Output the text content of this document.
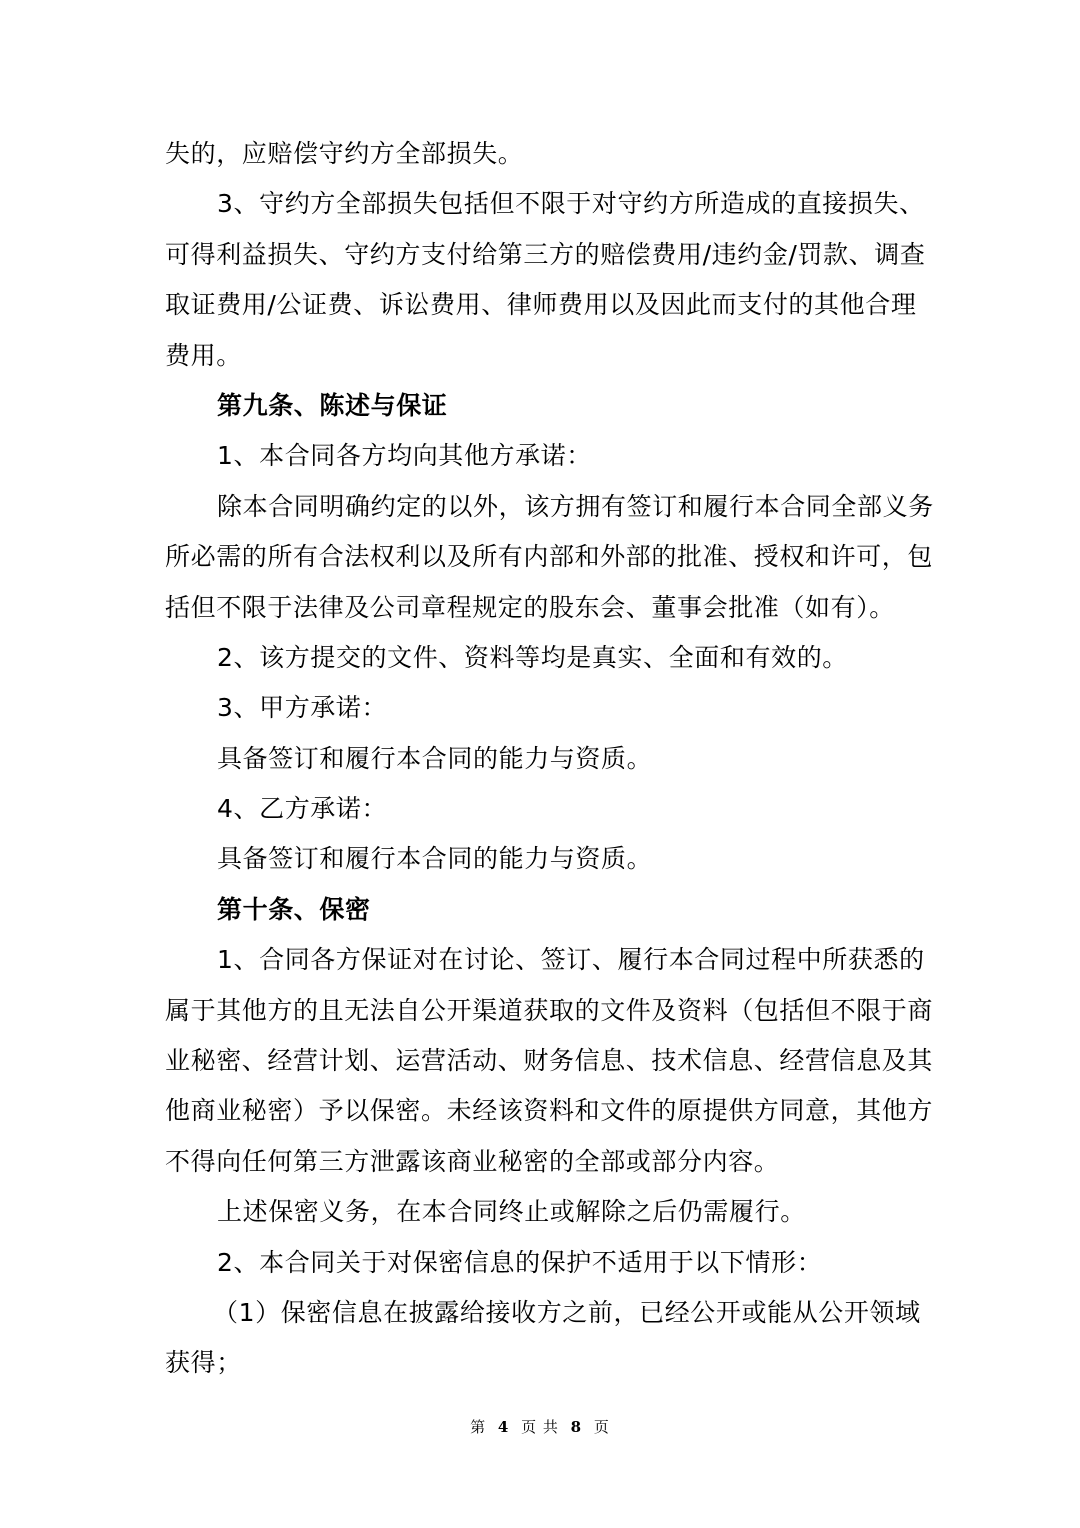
失的，应赔偿守约方全部损失。

3、守约方全部损失包括但不限于对守约方所造成的直接损失、

可得利益损失、守约方支付给第三方的赔偿费用/违约金/罚款、调查

取证费用/公证费、诉讼费用、律师费用以及因此而支付的其他合理

费用。

第九条、陈述与保证

1、本合同各方均向其他方承诺：

除本合同明确约定的以外，该方拥有签订和履行本合同全部义务

所必需的所有合法权利以及所有内部和外部的批准、授权和许可，包

括但不限于法律及公司章程规定的股东会、董事会批准（如有）。

2、该方提交的文件、资料等均是真实、全面和有效的。

3、甲方承诺：

具备签订和履行本合同的能力与资质。

4、乙方承诺：

具备签订和履行本合同的能力与资质。

第十条、保密

1、合同各方保证对在讨论、签订、履行本合同过程中所获悉的

属于其他方的且无法自公开渠道获取的文件及资料（包括但不限于商

业秘密、经营计划、运营活动、财务信息、技术信息、经营信息及其

他商业秘密）予以保密。未经该资料和文件的原提供方同意，其他方

不得向任何第三方泄露该商业秘密的全部或部分内容。

上述保密义务，在本合同终止或解除之后仍需履行。

2、本合同关于对保密信息的保护不适用于以下情形：

（1）保密信息在披露给接收方之前，已经公开或能从公开领域

获得；

第 4 页 共 8 页
